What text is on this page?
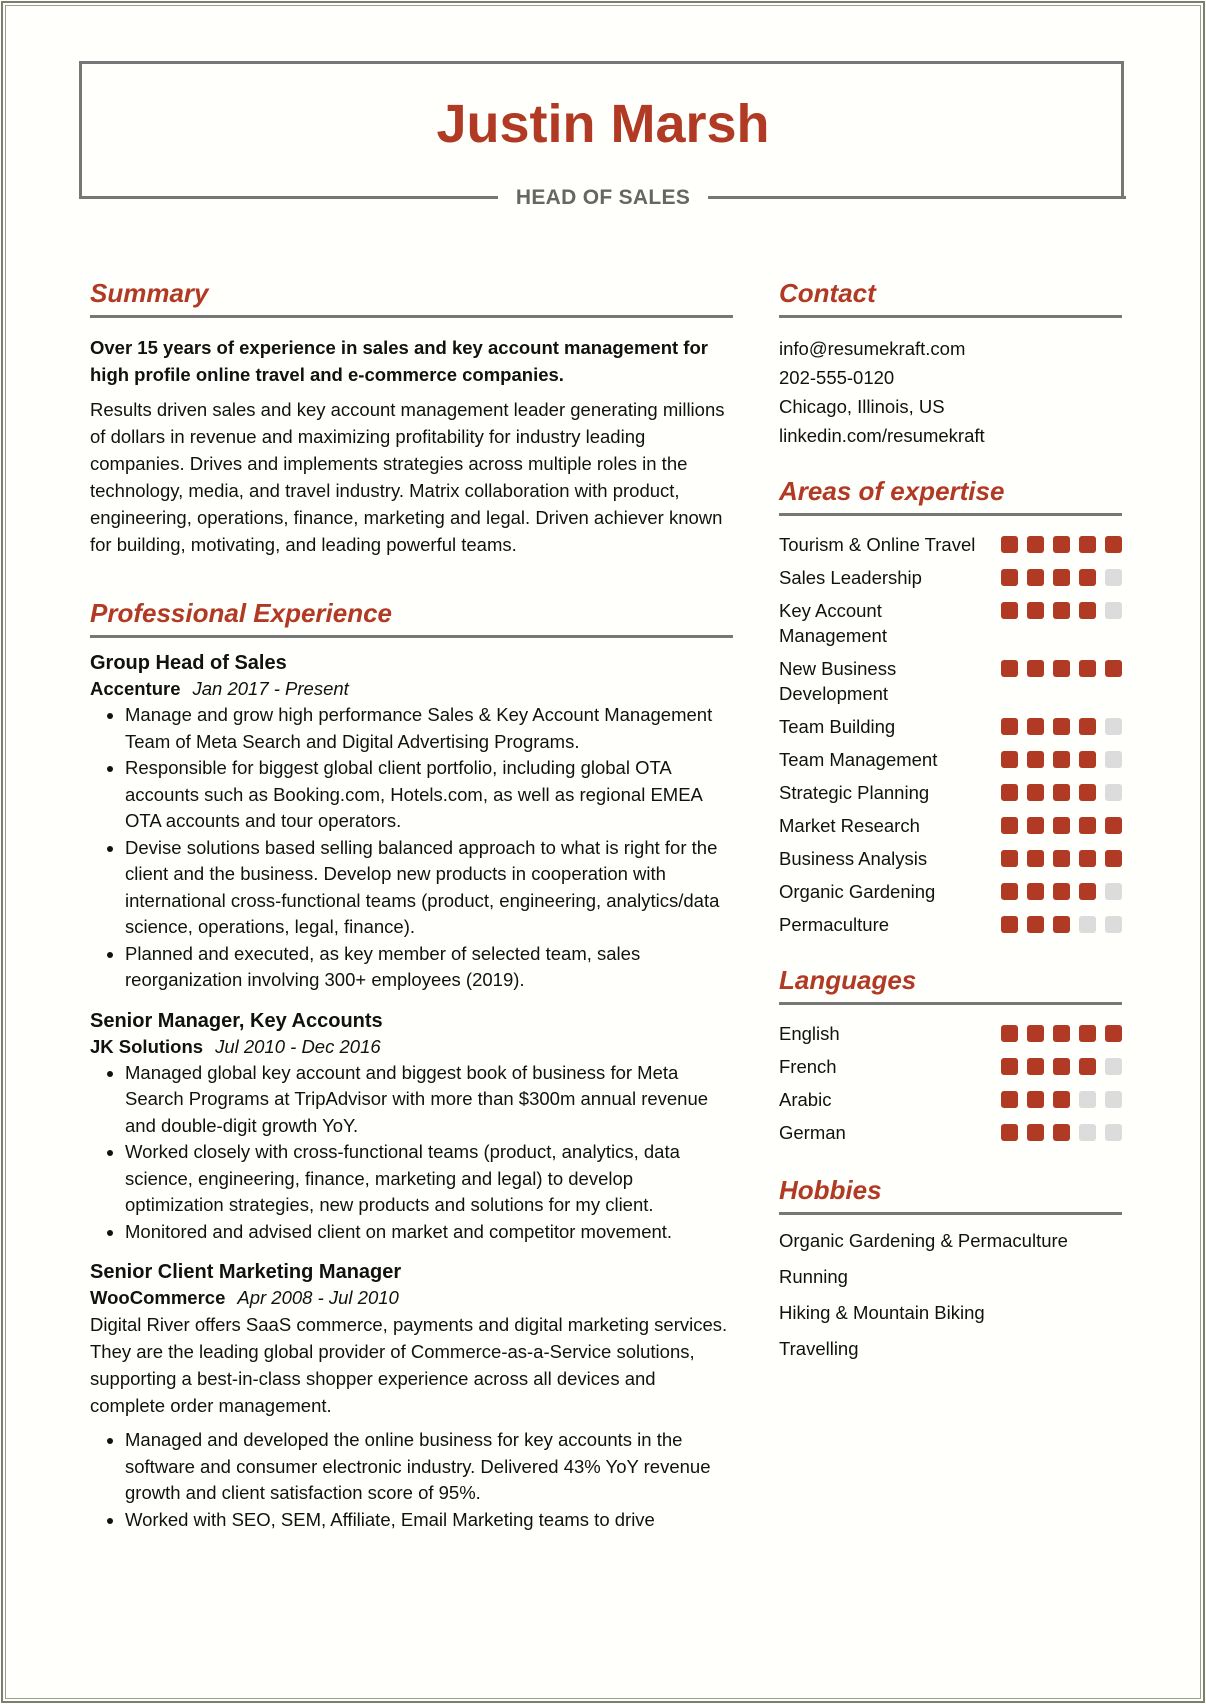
Justin Marsh
HEAD OF SALES
Summary
Over 15 years of experience in sales and key account management for high profile online travel and e-commerce companies.
Results driven sales and key account management leader generating millions of dollars in revenue and maximizing profitability for industry leading companies. Drives and implements strategies across multiple roles in the technology, media, and travel industry. Matrix collaboration with product, engineering, operations, finance, marketing and legal. Driven achiever known for building, motivating, and leading powerful teams.
Professional Experience
Group Head of Sales
Accenture Jan 2017 - Present
• Manage and grow high performance Sales & Key Account Management Team of Meta Search and Digital Advertising Programs.
• Responsible for biggest global client portfolio, including global OTA accounts such as Booking.com, Hotels.com, as well as regional EMEA OTA accounts and tour operators.
• Devise solutions based selling balanced approach to what is right for the client and the business. Develop new products in cooperation with international cross-functional teams (product, engineering, analytics/data science, operations, legal, finance).
• Planned and executed, as key member of selected team, sales reorganization involving 300+ employees (2019).
Senior Manager, Key Accounts
JK Solutions Jul 2010 - Dec 2016
• Managed global key account and biggest book of business for Meta Search Programs at TripAdvisor with more than $300m annual revenue and double-digit growth YoY.
• Worked closely with cross-functional teams (product, analytics, data science, engineering, finance, marketing and legal) to develop optimization strategies, new products and solutions for my client.
• Monitored and advised client on market and competitor movement.
Senior Client Marketing Manager
WooCommerce Apr 2008 - Jul 2010
Digital River offers SaaS commerce, payments and digital marketing services. They are the leading global provider of Commerce-as-a-Service solutions, supporting a best-in-class shopper experience across all devices and complete order management.
• Managed and developed the online business for key accounts in the software and consumer electronic industry. Delivered 43% YoY revenue growth and client satisfaction score of 95%.
• Worked with SEO, SEM, Affiliate, Email Marketing teams to drive
Contact
info@resumekraft.com
202-555-0120
Chicago, Illinois, US
linkedin.com/resumekraft
Areas of expertise
Tourism & Online Travel
Sales Leadership
Key Account Management
New Business Development
Team Building
Team Management
Strategic Planning
Market Research
Business Analysis
Organic Gardening
Permaculture
Languages
English
French
Arabic
German
Hobbies
Organic Gardening & Permaculture
Running
Hiking & Mountain Biking
Travelling
